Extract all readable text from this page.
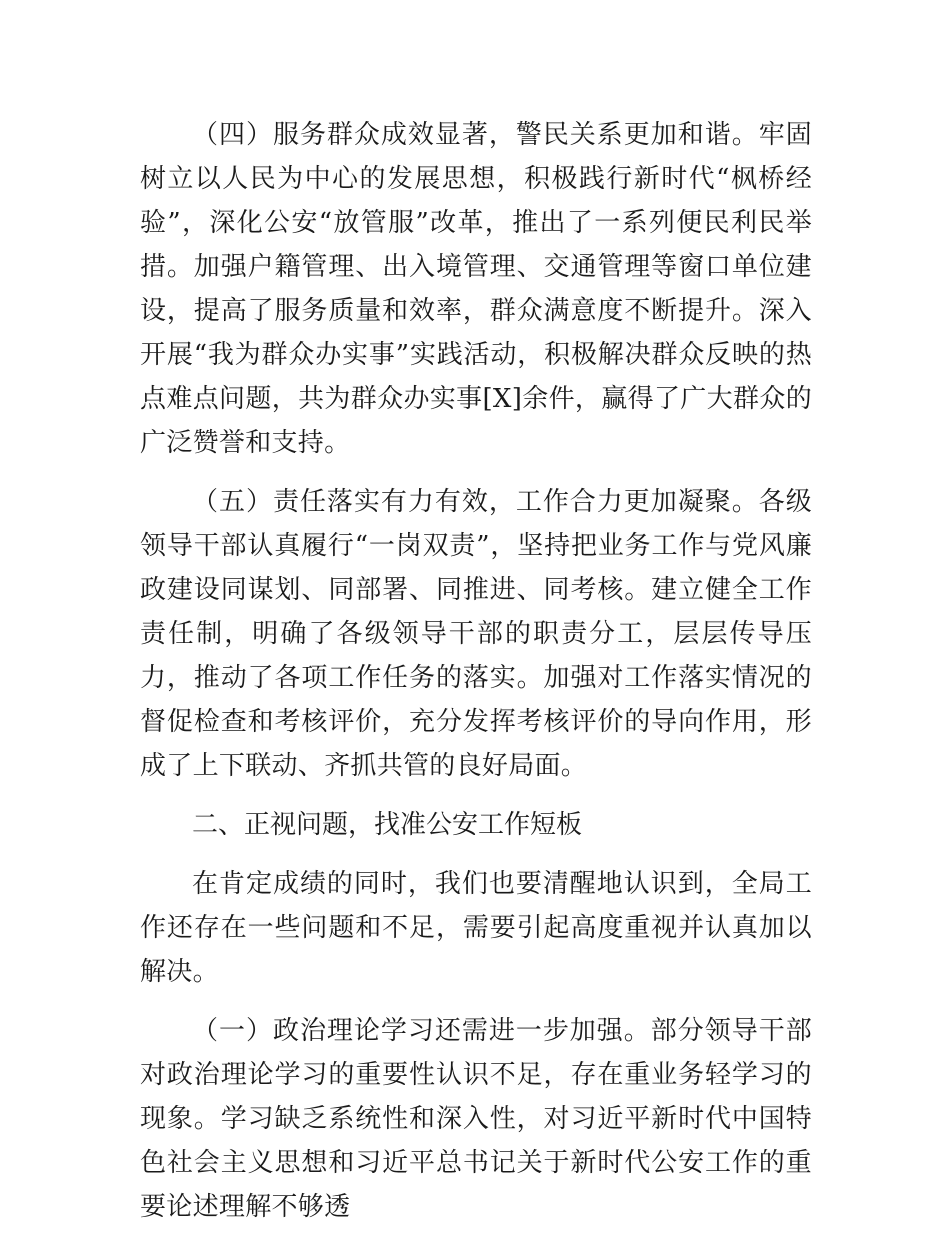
（四）服务群众成效显著，警民关系更加和谐。牢固树立以人民为中心的发展思想，积极践行新时代“枫桥经验”，深化公安“放管服”改革，推出了一系列便民利民举措。加强户籍管理、出入境管理、交通管理等窗口单位建设，提高了服务质量和效率，群众满意度不断提升。深入开展“我为群众办实事”实践活动，积极解决群众反映的热点难点问题，共为群众办实事[X]余件，赢得了广大群众的广泛赞誉和支持。

（五）责任落实有力有效，工作合力更加凝聚。各级领导干部认真履行“一岗双责”，坚持把业务工作与党风廉政建设同谋划、同部署、同推进、同考核。建立健全工作责任制，明确了各级领导干部的职责分工，层层传导压力，推动了各项工作任务的落实。加强对工作落实情况的督促检查和考核评价，充分发挥考核评价的导向作用，形成了上下联动、齐抓共管的良好局面。

二、正视问题，找准公安工作短板

在肯定成绩的同时，我们也要清醒地认识到，全局工作还存在一些问题和不足，需要引起高度重视并认真加以解决。

（一）政治理论学习还需进一步加强。部分领导干部对政治理论学习的重要性认识不足，存在重业务轻学习的现象。学习缺乏系统性和深入性，对习近平新时代中国特色社会主义思想和习近平总书记关于新时代公安工作的重要论述理解不够透
